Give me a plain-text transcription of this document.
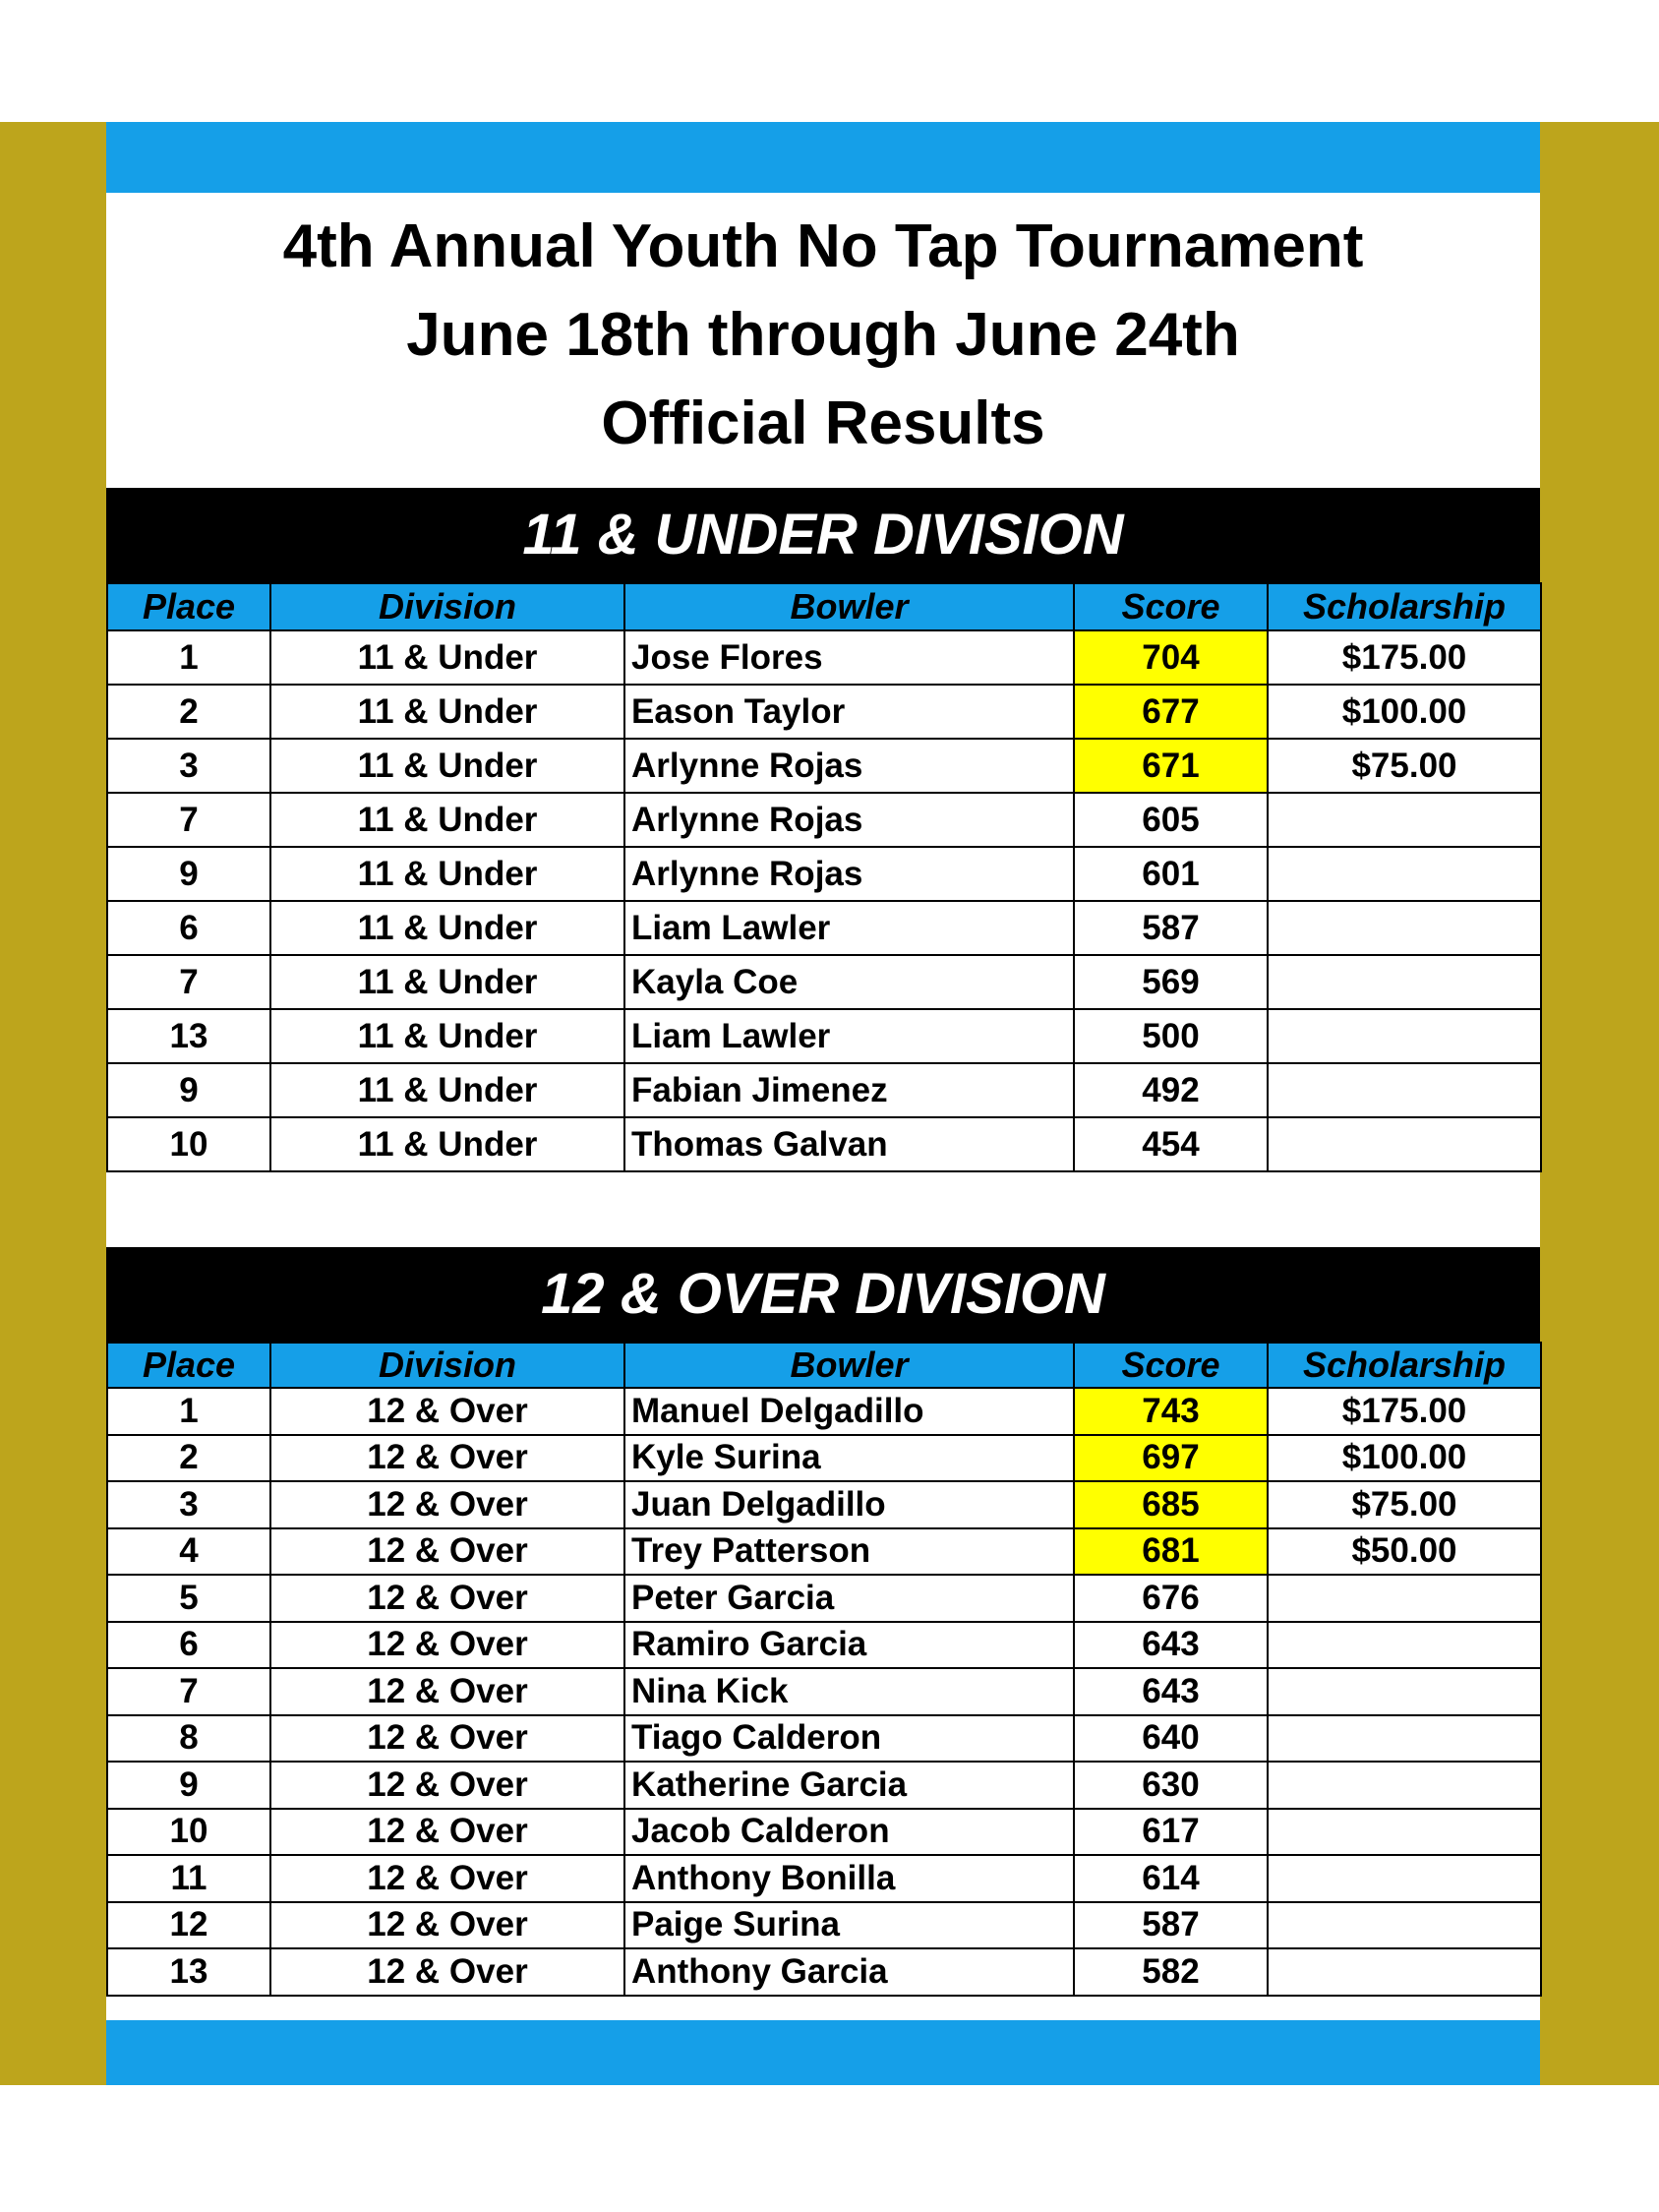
4th Annual Youth No Tap Tournament
June 18th through June 24th
Official Results
11 & UNDER DIVISION
Place	Division	Bowler	Score	Scholarship
1	11 & Under	Jose Flores	704	$175.00
2	11 & Under	Eason Taylor	677	$100.00
3	11 & Under	Arlynne Rojas	671	$75.00
7	11 & Under	Arlynne Rojas	605	
9	11 & Under	Arlynne Rojas	601	
6	11 & Under	Liam Lawler	587	
7	11 & Under	Kayla Coe	569	
13	11 & Under	Liam Lawler	500	
9	11 & Under	Fabian Jimenez	492	
10	11 & Under	Thomas Galvan	454	
12 & OVER DIVISION
Place	Division	Bowler	Score	Scholarship
1	12 & Over	Manuel Delgadillo	743	$175.00
2	12 & Over	Kyle Surina	697	$100.00
3	12 & Over	Juan Delgadillo	685	$75.00
4	12 & Over	Trey Patterson	681	$50.00
5	12 & Over	Peter Garcia	676	
6	12 & Over	Ramiro Garcia	643	
7	12 & Over	Nina Kick	643	
8	12 & Over	Tiago Calderon	640	
9	12 & Over	Katherine Garcia	630	
10	12 & Over	Jacob Calderon	617	
11	12 & Over	Anthony Bonilla	614	
12	12 & Over	Paige Surina	587	
13	12 & Over	Anthony Garcia	582	
